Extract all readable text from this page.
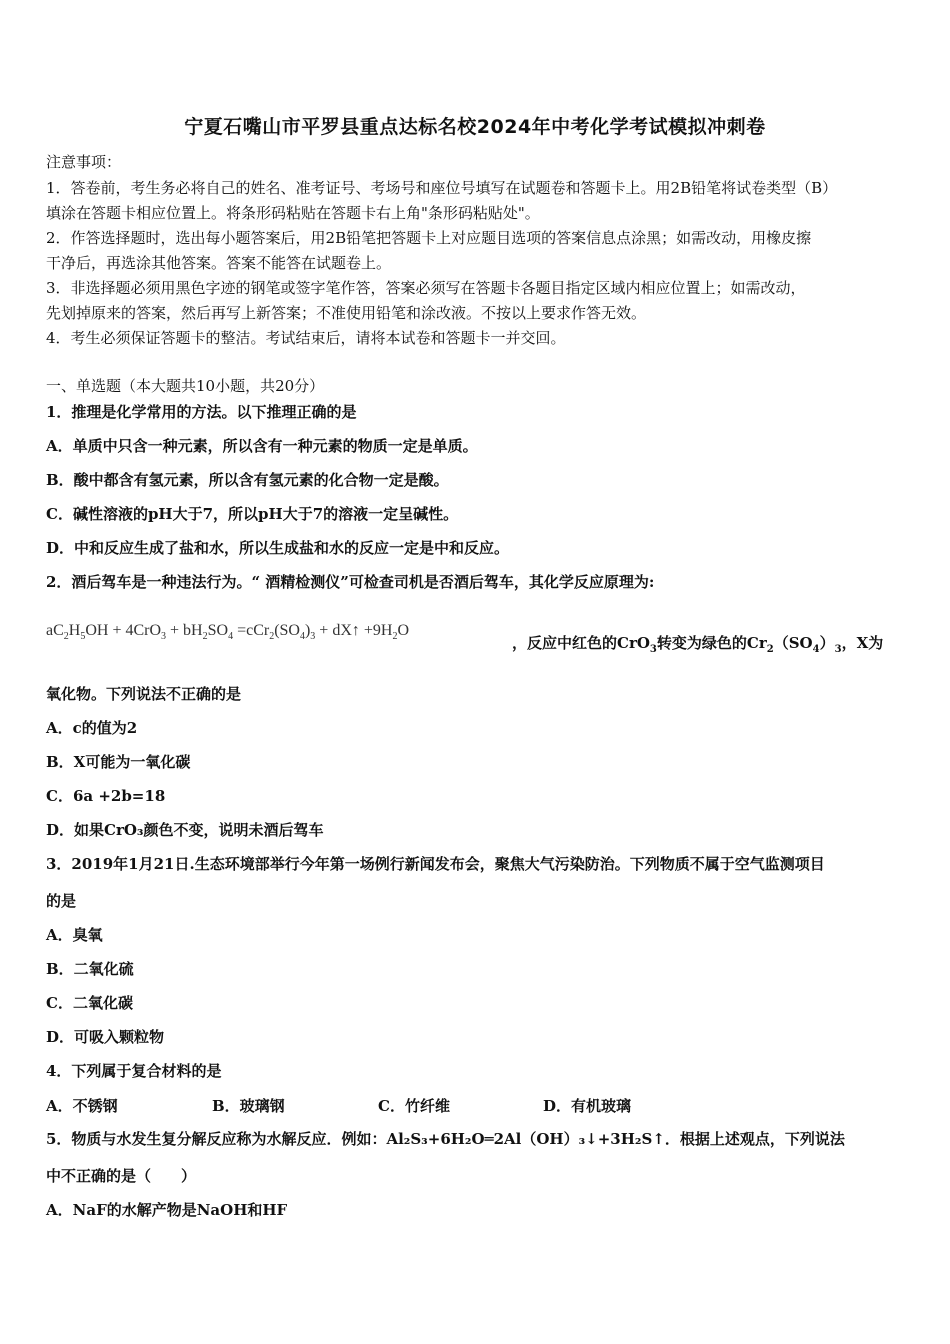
宁夏石嘴山市平罗县重点达标名校2024年中考化学考试模拟冲刺卷
注意事项：
1．答卷前，考生务必将自己的姓名、准考证号、考场号和座位号填写在试题卷和答题卡上。用2B铅笔将试卷类型（B）
填涂在答题卡相应位置上。将条形码粘贴在答题卡右上角"条形码粘贴处"。
2．作答选择题时，选出每小题答案后，用2B铅笔把答题卡上对应题目选项的答案信息点涂黑；如需改动，用橡皮擦
干净后，再选涂其他答案。答案不能答在试题卷上。
3．非选择题必须用黑色字迹的钢笔或签字笔作答，答案必须写在答题卡各题目指定区域内相应位置上；如需改动，
先划掉原来的答案，然后再写上新答案；不准使用铅笔和涂改液。不按以上要求作答无效。
4．考生必须保证答题卡的整洁。考试结束后，请将本试卷和答题卡一并交回。
一、单选题（本大题共10小题，共20分）
1．推理是化学常用的方法。以下推理正确的是
A．单质中只含一种元素，所以含有一种元素的物质一定是单质。
B．酸中都含有氢元素，所以含有氢元素的化合物一定是酸。
C．碱性溶液的pH大于7，所以pH大于7的溶液一定呈碱性。
D．中和反应生成了盐和水，所以生成盐和水的反应一定是中和反应。
2．酒后驾车是一种违法行为。“ 酒精检测仪”可检查司机是否酒后驾车，其化学反应原理为:
$aC_2H_5OH + 4CrO_3 + bH_2SO_4 =cCr_2(SO_4)_3$ + dX↑ $+9H_2O$
，反应中红色的CrO$_3$转变为绿色的$Cr_2(SO_4)_3$，X为
氧化物。下列说法不正确的是
A．c的值为2
B．X可能为一氧化碳
C．6a +2b=18
D．如果CrO₃颜色不变，说明未酒后驾车
3．2019年1月21日.生态环境部举行今年第一场例行新闻发布会，聚焦大气污染防治。下列物质不属于空气监测项目
的是
A．臭氧
B．二氧化硫
C．二氧化碳
D．可吸入颗粒物
4．下列属于复合材料的是
A．不锈钢	B．玻璃钢	C．竹纤维	D．有机玻璃
5．物质与水发生复分解反应称为水解反应．例如：Al₂S₃+6H₂O═2Al（OH）₃↓+3H₂S↑．根据上述观点，下列说法
中不正确的是（　　）
A．NaF的水解产物是NaOH和HF
